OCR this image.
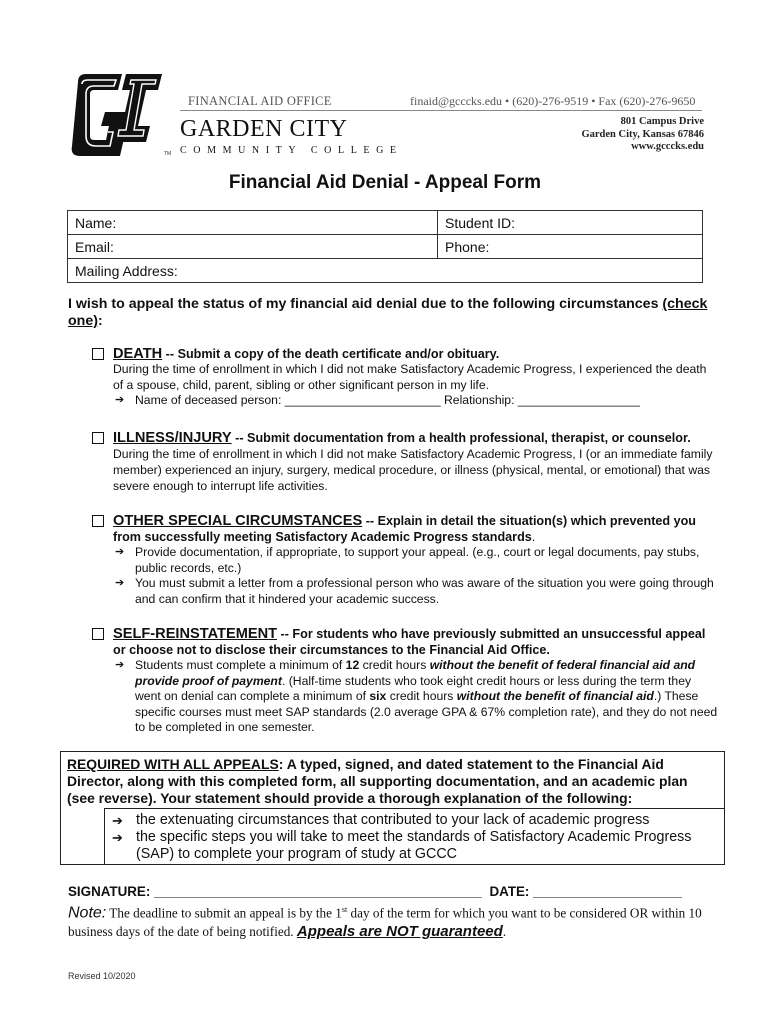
TM
FINANCIAL AID OFFICE	finaid@gcccks.edu • (620)-276-9519 • Fax (620)-276-9650
GARDEN CITY
COMMUNITY COLLEGE
801 Campus Drive
Garden City, Kansas 67846
www.gcccks.edu
Financial Aid Denial - Appeal Form
Name:	Student ID:
Email:	Phone:
Mailing Address:	
I wish to appeal the status of my financial aid denial due to the following circumstances (check one):
DEATH -- Submit a copy of the death certificate and/or obituary.
During the time of enrollment in which I did not make Satisfactory Academic Progress, I experienced the death of a spouse, child, parent, sibling or other significant person in my life.
➔ Name of deceased person: _______________________ Relationship: __________________
ILLNESS/INJURY -- Submit documentation from a health professional, therapist, or counselor. During the time of enrollment in which I did not make Satisfactory Academic Progress, I (or an immediate family member) experienced an injury, surgery, medical procedure, or illness (physical, mental, or emotional) that was severe enough to interrupt life activities.
OTHER SPECIAL CIRCUMSTANCES -- Explain in detail the situation(s) which prevented you from successfully meeting Satisfactory Academic Progress standards.
➔ Provide documentation, if appropriate, to support your appeal. (e.g., court or legal documents, pay stubs, public records, etc.)
➔ You must submit a letter from a professional person who was aware of the situation you were going through and can confirm that it hindered your academic success.
SELF-REINSTATEMENT -- For students who have previously submitted an unsuccessful appeal or choose not to disclose their circumstances to the Financial Aid Office.
➔ Students must complete a minimum of 12 credit hours without the benefit of federal financial aid and provide proof of payment. (Half-time students who took eight credit hours or less during the term they went on denial can complete a minimum of six credit hours without the benefit of financial aid.) These specific courses must meet SAP standards (2.0 average GPA & 67% completion rate), and they do not need to be completed in one semester.
REQUIRED WITH ALL APPEALS: A typed, signed, and dated statement to the Financial Aid Director, along with this completed form, all supporting documentation, and an academic plan (see reverse). Your statement should provide a thorough explanation of the following:
➔ the extenuating circumstances that contributed to your lack of academic progress
➔ the specific steps you will take to meet the standards of Satisfactory Academic Progress (SAP) to complete your program of study at GCCC
SIGNATURE: ____________________________________________ DATE: ____________________
Note: The deadline to submit an appeal is by the 1st day of the term for which you want to be considered OR within 10 business days of the date of being notified. Appeals are NOT guaranteed.
Revised 10/2020
